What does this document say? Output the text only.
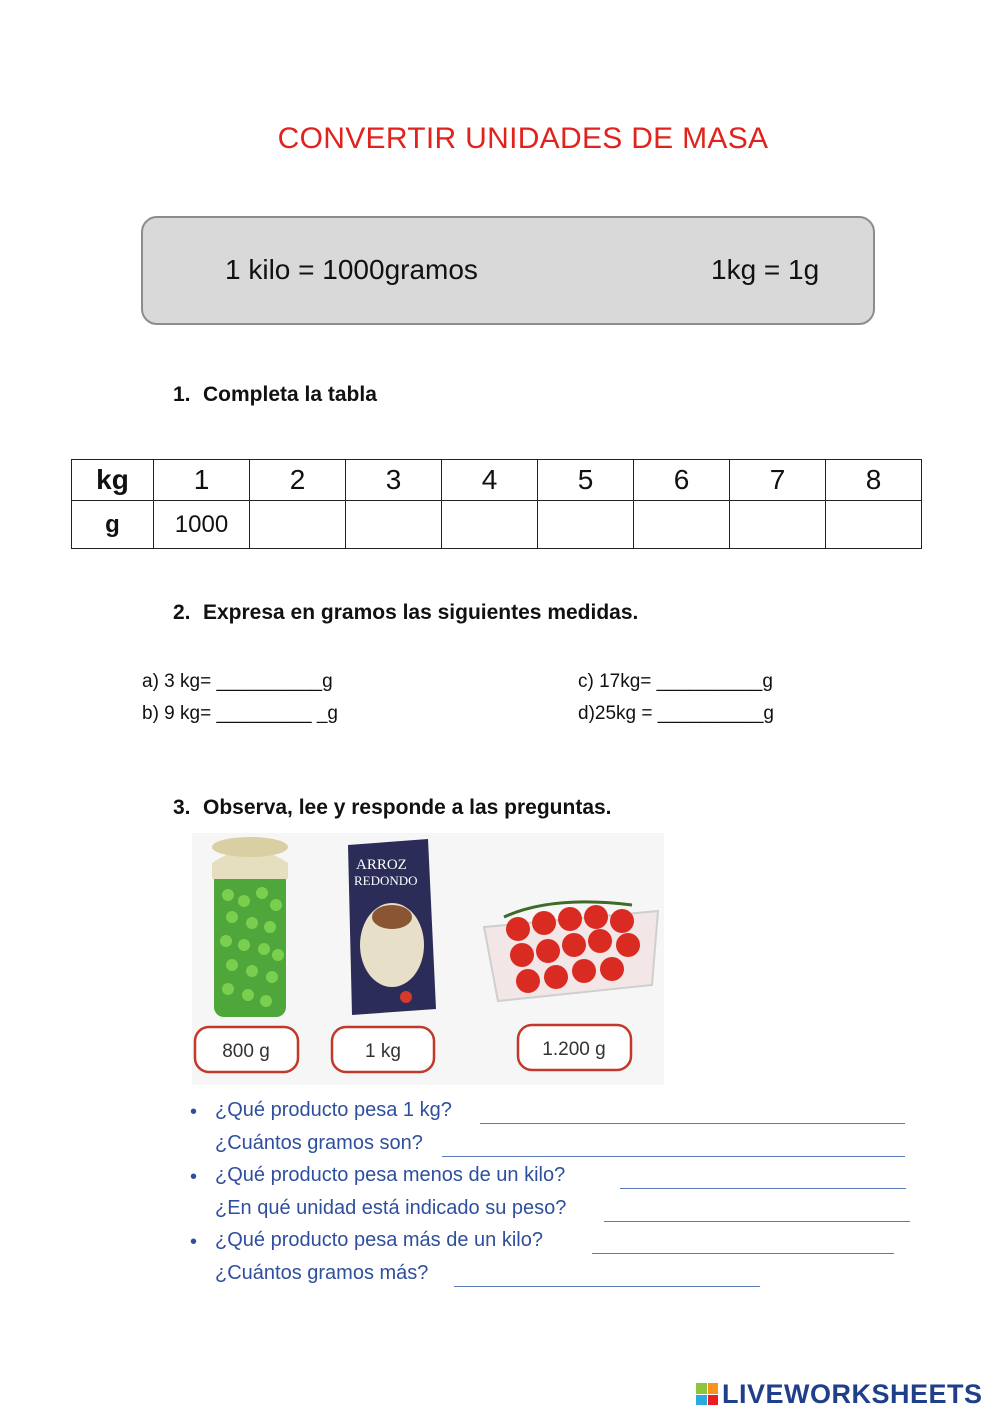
CONVERTIR UNIDADES DE MASA
1 kilo = 1000gramos	1kg = 1g
1. Completa la tabla
kg	1	2	3	4	5	6	7	8
g	1000							
2. Expresa en gramos las siguientes medidas.
a) 3 kg= __________g
b) 9 kg= _________ _g
c) 17kg= __________g
d)25kg = __________g
3. Observa, lee y responde a las preguntas.
ARROZ
REDONDO
800 g	1 kg	1.200 g
• ¿Qué producto pesa 1 kg?
¿Cuántos gramos son?
• ¿Qué producto pesa menos de un kilo?
¿En qué unidad está indicado su peso?
• ¿Qué producto pesa más de un kilo?
¿Cuántos gramos más?
LIVEWORKSHEETS
